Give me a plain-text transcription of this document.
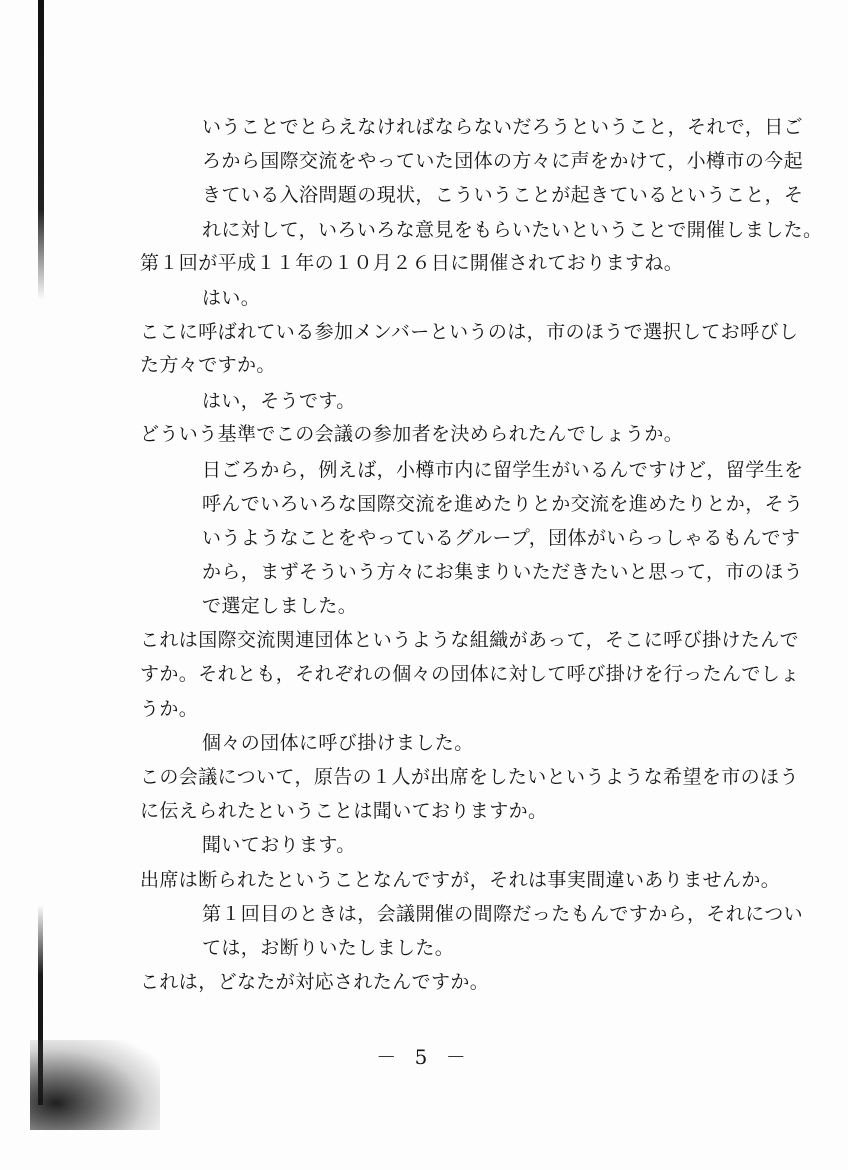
いうことでとらえなければならないだろうということ，それで，日ご
ろから国際交流をやっていた団体の方々に声をかけて，小樽市の今起
きている入浴問題の現状，こういうことが起きているということ，そ
れに対して，いろいろな意見をもらいたいということで開催しました。
第１回が平成１１年の１０月２６日に開催されておりますね。
はい。
ここに呼ばれている参加メンバーというのは，市のほうで選択してお呼びし
た方々ですか。
はい，そうです。
どういう基準でこの会議の参加者を決められたんでしょうか。
日ごろから，例えば，小樽市内に留学生がいるんですけど，留学生を
呼んでいろいろな国際交流を進めたりとか交流を進めたりとか，そう
いうようなことをやっているグループ，団体がいらっしゃるもんです
から，まずそういう方々にお集まりいただきたいと思って，市のほう
で選定しました。
これは国際交流関連団体というような組織があって，そこに呼び掛けたんで
すか。それとも，それぞれの個々の団体に対して呼び掛けを行ったんでしょ
うか。
個々の団体に呼び掛けました。
この会議について，原告の１人が出席をしたいというような希望を市のほう
に伝えられたということは聞いておりますか。
聞いております。
出席は断られたということなんですが，それは事実間違いありませんか。
第１回目のときは，会議開催の間際だったもんですから，それについ
ては，お断りいたしました。
これは，どなたが対応されたんですか。
－ 5 －
